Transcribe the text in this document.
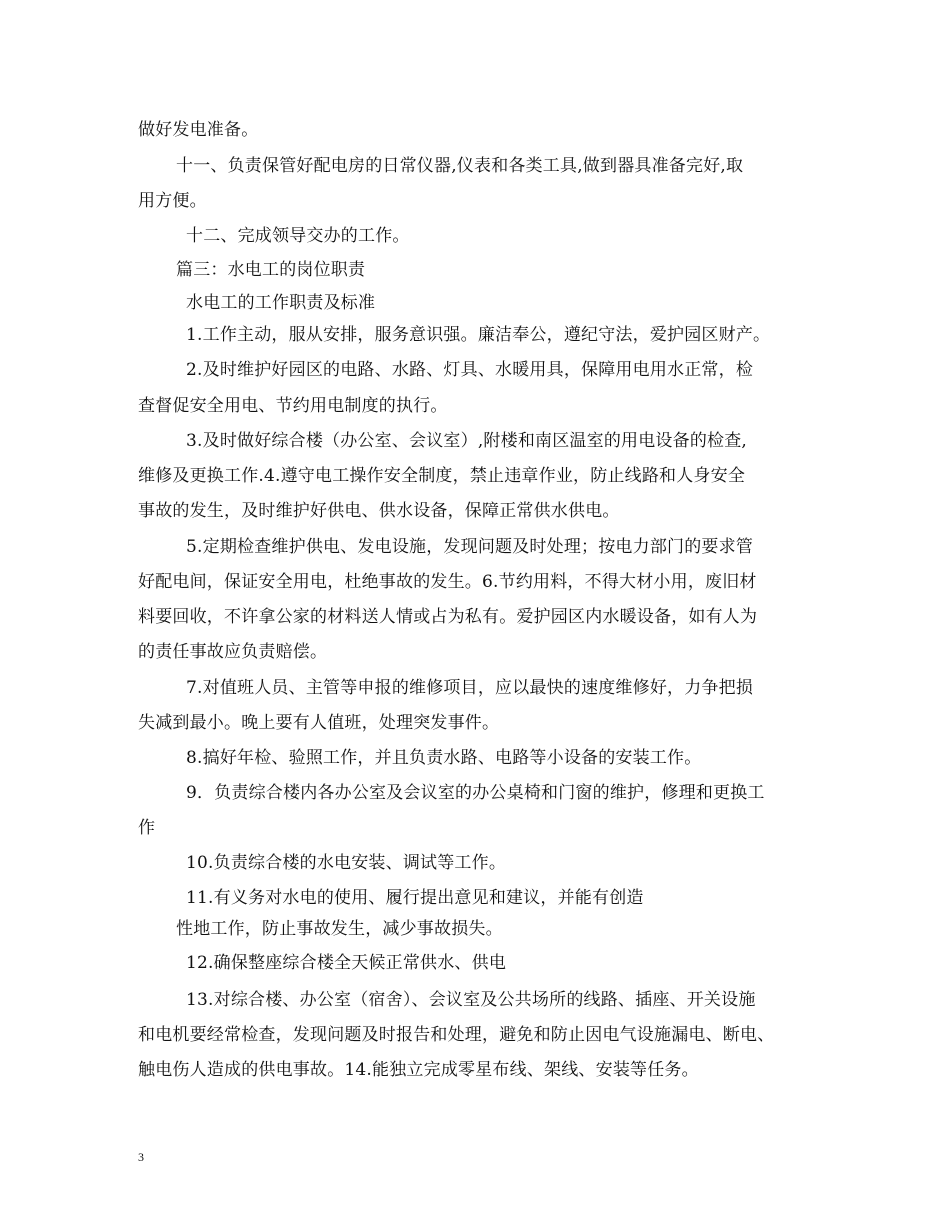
做好发电准备。
十一、负责保管好配电房的日常仪器,仪表和各类工具,做到器具准备完好,取
用方便。
十二、完成领导交办的工作。
篇三：水电工的岗位职责
水电工的工作职责及标准
1.工作主动，服从安排，服务意识强。廉洁奉公，遵纪守法，爱护园区财产。
2.及时维护好园区的电路、水路、灯具、水暖用具，保障用电用水正常，检
查督促安全用电、节约用电制度的执行。
3.及时做好综合楼（办公室、会议室）,附楼和南区温室的用电设备的检查,
维修及更换工作.4.遵守电工操作安全制度，禁止违章作业，防止线路和人身安全
事故的发生，及时维护好供电、供水设备，保障正常供水供电。
5.定期检查维护供电、发电设施，发现问题及时处理；按电力部门的要求管
好配电间，保证安全用电，杜绝事故的发生。6.节约用料，不得大材小用，废旧材
料要回收，不许拿公家的材料送人情或占为私有。爱护园区内水暖设备，如有人为
的责任事故应负责赔偿。
7.对值班人员、主管等申报的维修项目，应以最快的速度维修好，力争把损
失减到最小。晚上要有人值班，处理突发事件。
8.搞好年检、验照工作，并且负责水路、电路等小设备的安装工作。
9．负责综合楼内各办公室及会议室的办公桌椅和门窗的维护，修理和更换工
作
10.负责综合楼的水电安装、调试等工作。
11.有义务对水电的使用、履行提出意见和建议，并能有创造
性地工作，防止事故发生，减少事故损失。
12.确保整座综合楼全天候正常供水、供电
13.对综合楼、办公室（宿舍）、会议室及公共场所的线路、插座、开关设施
和电机要经常检查，发现问题及时报告和处理，避免和防止因电气设施漏电、断电、
触电伤人造成的供电事故。14.能独立完成零星布线、架线、安装等任务。
3
